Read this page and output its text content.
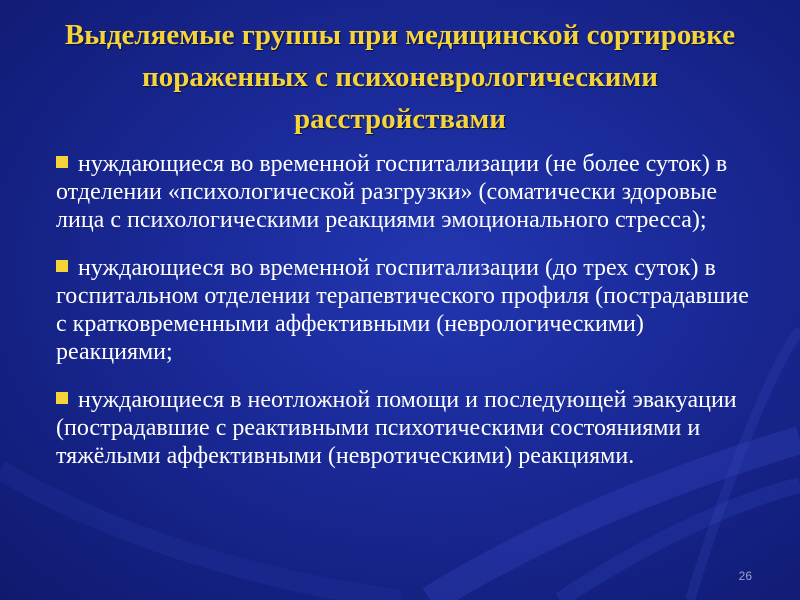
Выделяемые группы при медицинской сортировке пораженных с психоневрологическими расстройствами
нуждающиеся во временной госпитализации (не более суток) в отделении «психологической разгрузки» (соматически здоровые лица с психологическими реакциями эмоционального стресса);
нуждающиеся во временной госпитализации (до трех суток) в госпитальном отделении терапевтического профиля (пострадавшие с кратковременными аффективными (неврологическими) реакциями;
нуждающиеся в неотложной помощи и последующей эвакуации (пострадавшие с реактивными психотическими состояниями и тяжёлыми аффективными (невротическими) реакциями.
26
